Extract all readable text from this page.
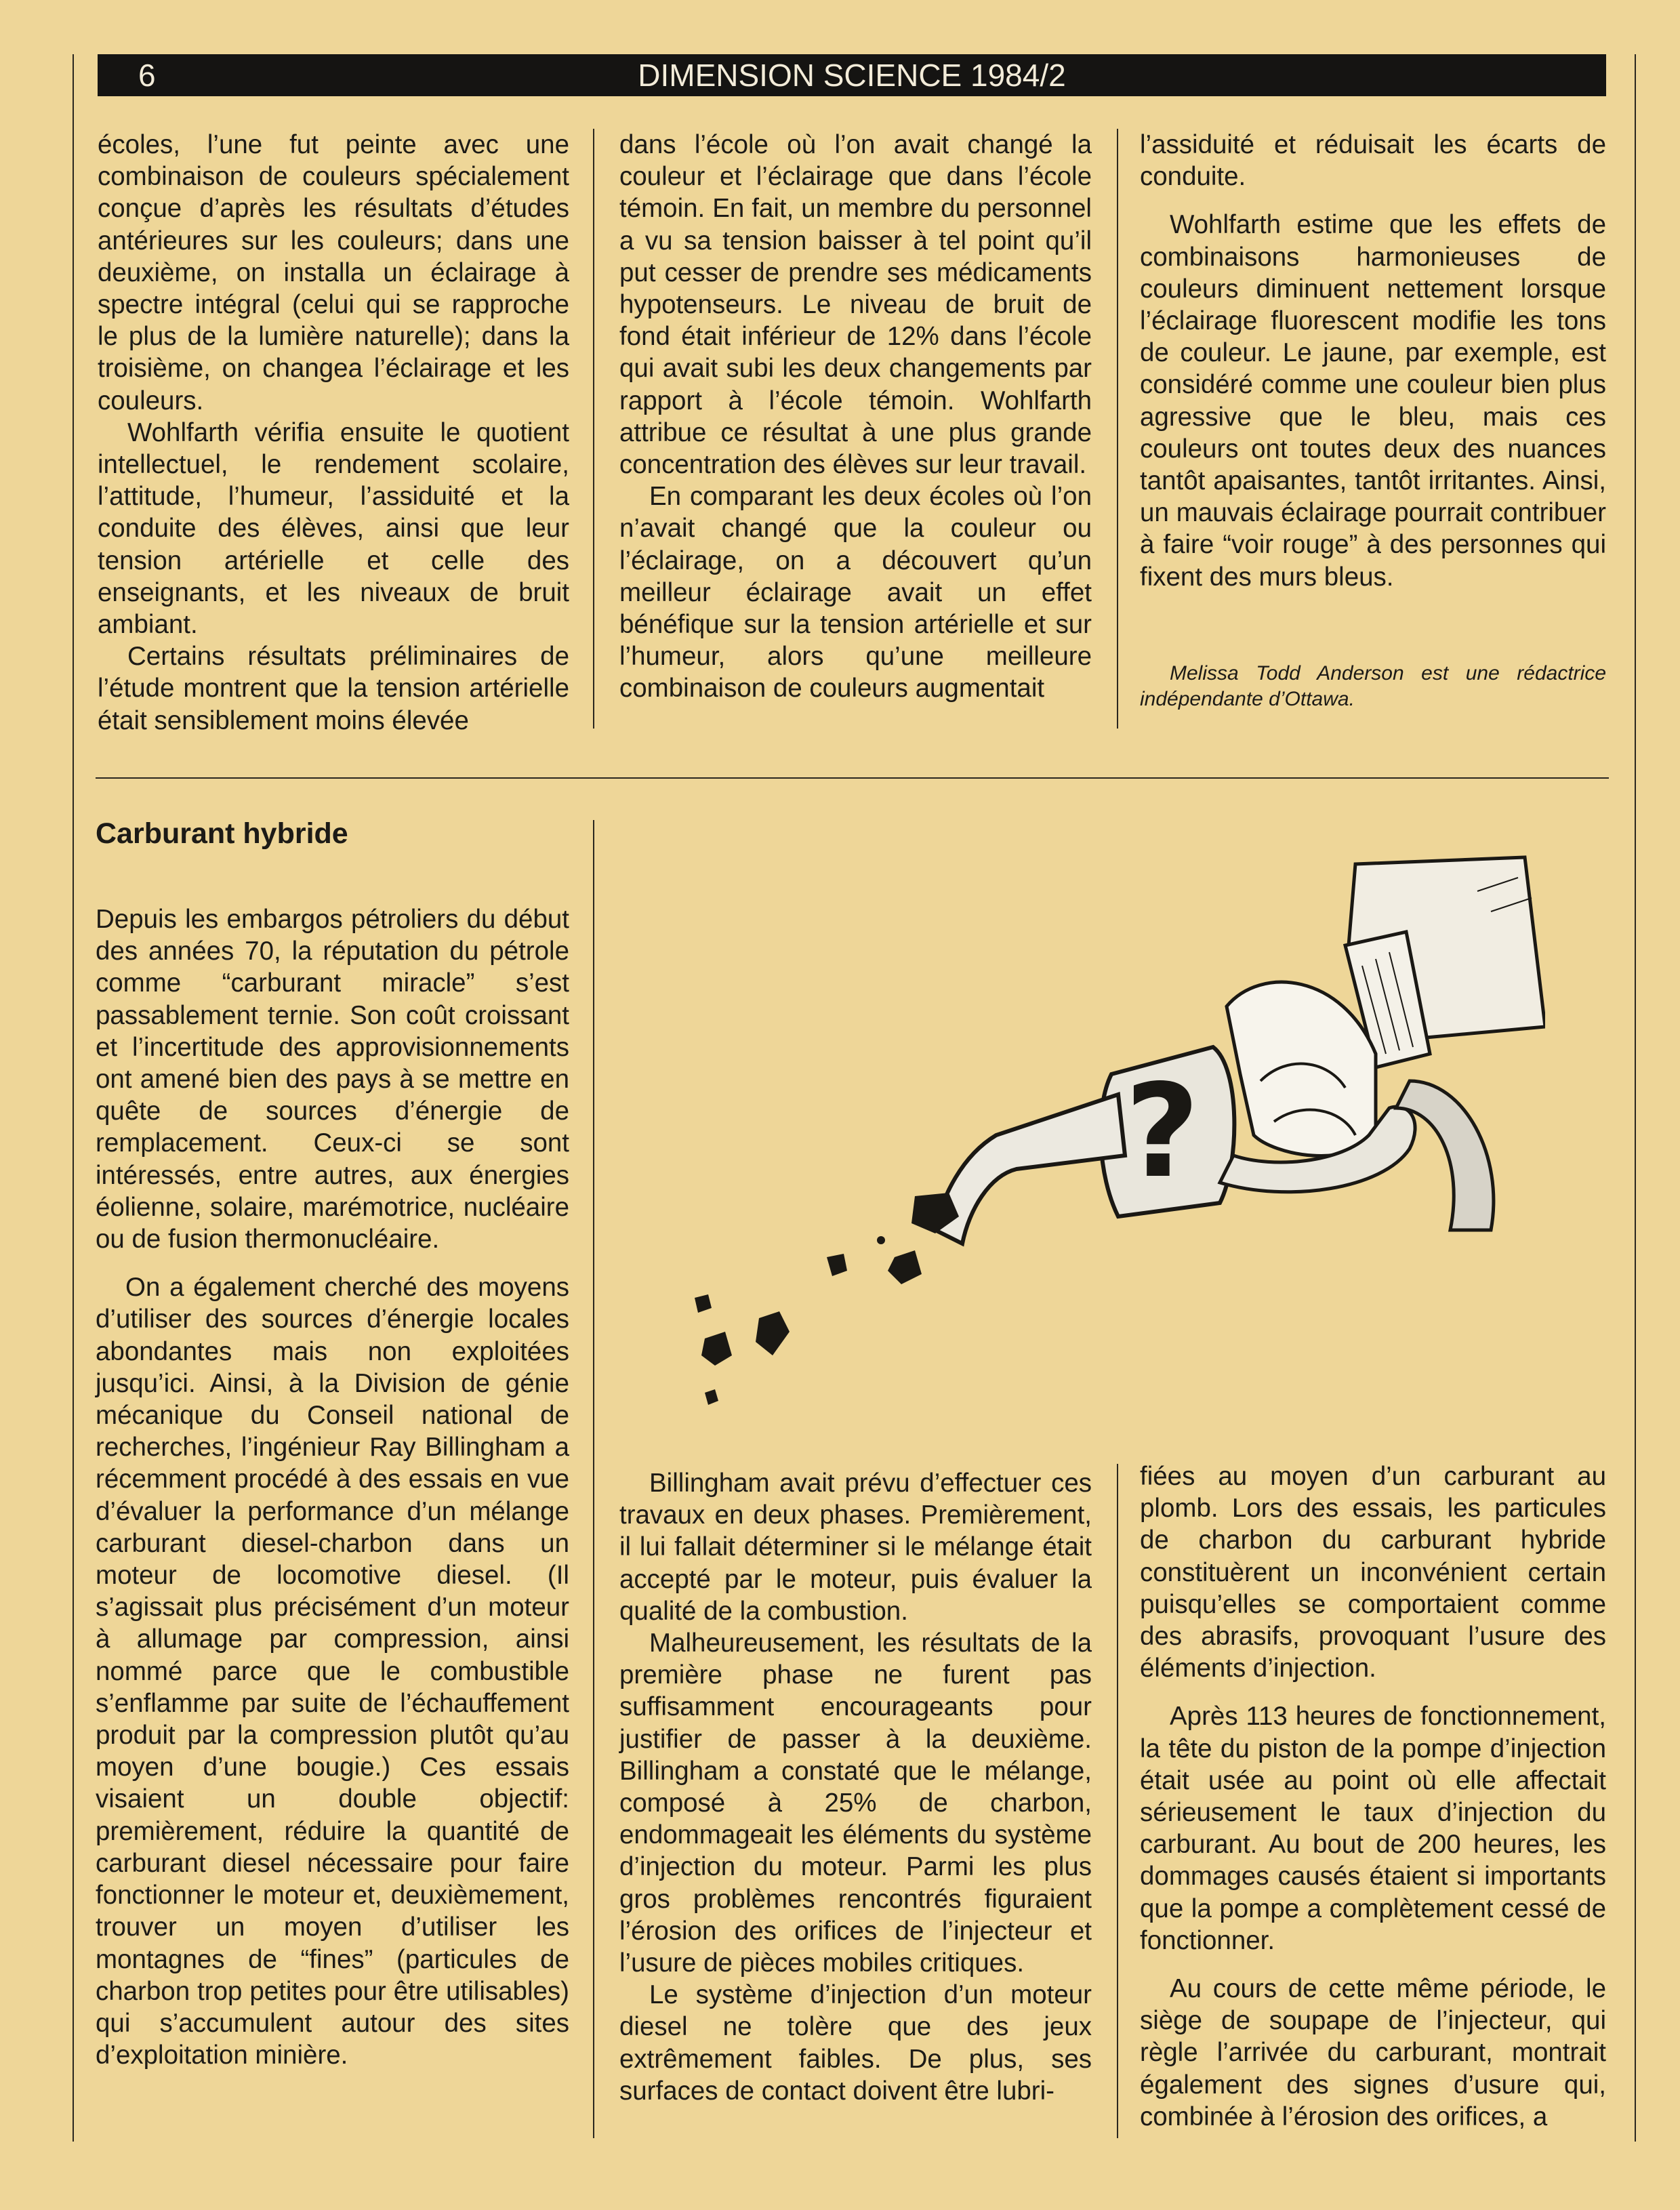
6	DIMENSION SCIENCE 1984/2

écoles, l’une fut peinte avec une combinaison de couleurs spécialement conçue d’après les résultats d’études antérieures sur les couleurs; dans une deuxième, on installa un éclairage à spectre intégral (celui qui se rapproche le plus de la lumière naturelle); dans la troisième, on changea l’éclairage et les couleurs.

Wohlfarth vérifia ensuite le quotient intellectuel, le rendement scolaire, l’attitude, l’humeur, l’assiduité et la conduite des élèves, ainsi que leur tension artérielle et celle des enseignants, et les niveaux de bruit ambiant.

Certains résultats préliminaires de l’étude montrent que la tension artérielle était sensiblement moins élevée

dans l’école où l’on avait changé la couleur et l’éclairage que dans l’école témoin. En fait, un membre du personnel a vu sa tension baisser à tel point qu’il put cesser de prendre ses médicaments hypotenseurs. Le niveau de bruit de fond était inférieur de 12% dans l’école qui avait subi les deux changements par rapport à l’école témoin. Wohlfarth attribue ce résultat à une plus grande concentration des élèves sur leur travail.

En comparant les deux écoles où l’on n’avait changé que la couleur ou l’éclairage, on a découvert qu’un meilleur éclairage avait un effet bénéfique sur la tension artérielle et sur l’humeur, alors qu’une meilleure combinaison de couleurs augmentait

l’assiduité et réduisait les écarts de conduite.

Wohlfarth estime que les effets de combinaisons harmonieuses de couleurs diminuent nettement lorsque l’éclairage fluorescent modifie les tons de couleur. Le jaune, par exemple, est considéré comme une couleur bien plus agressive que le bleu, mais ces couleurs ont toutes deux des nuances tantôt apaisantes, tantôt irritantes. Ainsi, un mauvais éclairage pourrait contribuer à faire “voir rouge” à des personnes qui fixent des murs bleus.

Melissa Todd Anderson est une rédactrice indépendante d’Ottawa.

Carburant hybride

Depuis les embargos pétroliers du début des années 70, la réputation du pétrole comme “carburant miracle” s’est passablement ternie. Son coût croissant et l’incertitude des approvisionnements ont amené bien des pays à se mettre en quête de sources d’énergie de remplacement. Ceux-ci se sont intéressés, entre autres, aux énergies éolienne, solaire, marémotrice, nucléaire ou de fusion thermonucléaire.

On a également cherché des moyens d’utiliser des sources d’énergie locales abondantes mais non exploitées jusqu’ici. Ainsi, à la Division de génie mécanique du Conseil national de recherches, l’ingénieur Ray Billingham a récemment procédé à des essais en vue d’évaluer la performance d’un mélange carburant diesel-charbon dans un moteur de locomotive diesel. (Il s’agissait plus précisément d’un moteur à allumage par compression, ainsi nommé parce que le combustible s’enflamme par suite de l’échauffement produit par la compression plutôt qu’au moyen d’une bougie.) Ces essais visaient un double objectif: premièrement, réduire la quantité de carburant diesel nécessaire pour faire fonctionner le moteur et, deuxièmement, trouver un moyen d’utiliser les montagnes de “fines” (particules de charbon trop petites pour être utilisables) qui s’accumulent autour des sites d’exploitation minière.

?

Billingham avait prévu d’effectuer ces travaux en deux phases. Premièrement, il lui fallait déterminer si le mélange était accepté par le moteur, puis évaluer la qualité de la combustion.

Malheureusement, les résultats de la première phase ne furent pas suffisamment encourageants pour justifier de passer à la deuxième. Billingham a constaté que le mélange, composé à 25% de charbon, endommageait les éléments du système d’injection du moteur. Parmi les plus gros problèmes rencontrés figuraient l’érosion des orifices de l’injecteur et l’usure de pièces mobiles critiques.

Le système d’injection d’un moteur diesel ne tolère que des jeux extrêmement faibles. De plus, ses surfaces de contact doivent être lubri-

fiées au moyen d’un carburant au plomb. Lors des essais, les particules de charbon du carburant hybride constituèrent un inconvénient certain puisqu’elles se comportaient comme des abrasifs, provoquant l’usure des éléments d’injection.

Après 113 heures de fonctionnement, la tête du piston de la pompe d’injection était usée au point où elle affectait sérieusement le taux d’injection du carburant. Au bout de 200 heures, les dommages causés étaient si importants que la pompe a complètement cessé de fonctionner.

Au cours de cette même période, le siège de soupape de l’injecteur, qui règle l’arrivée du carburant, montrait également des signes d’usure qui, combinée à l’érosion des orifices, a
